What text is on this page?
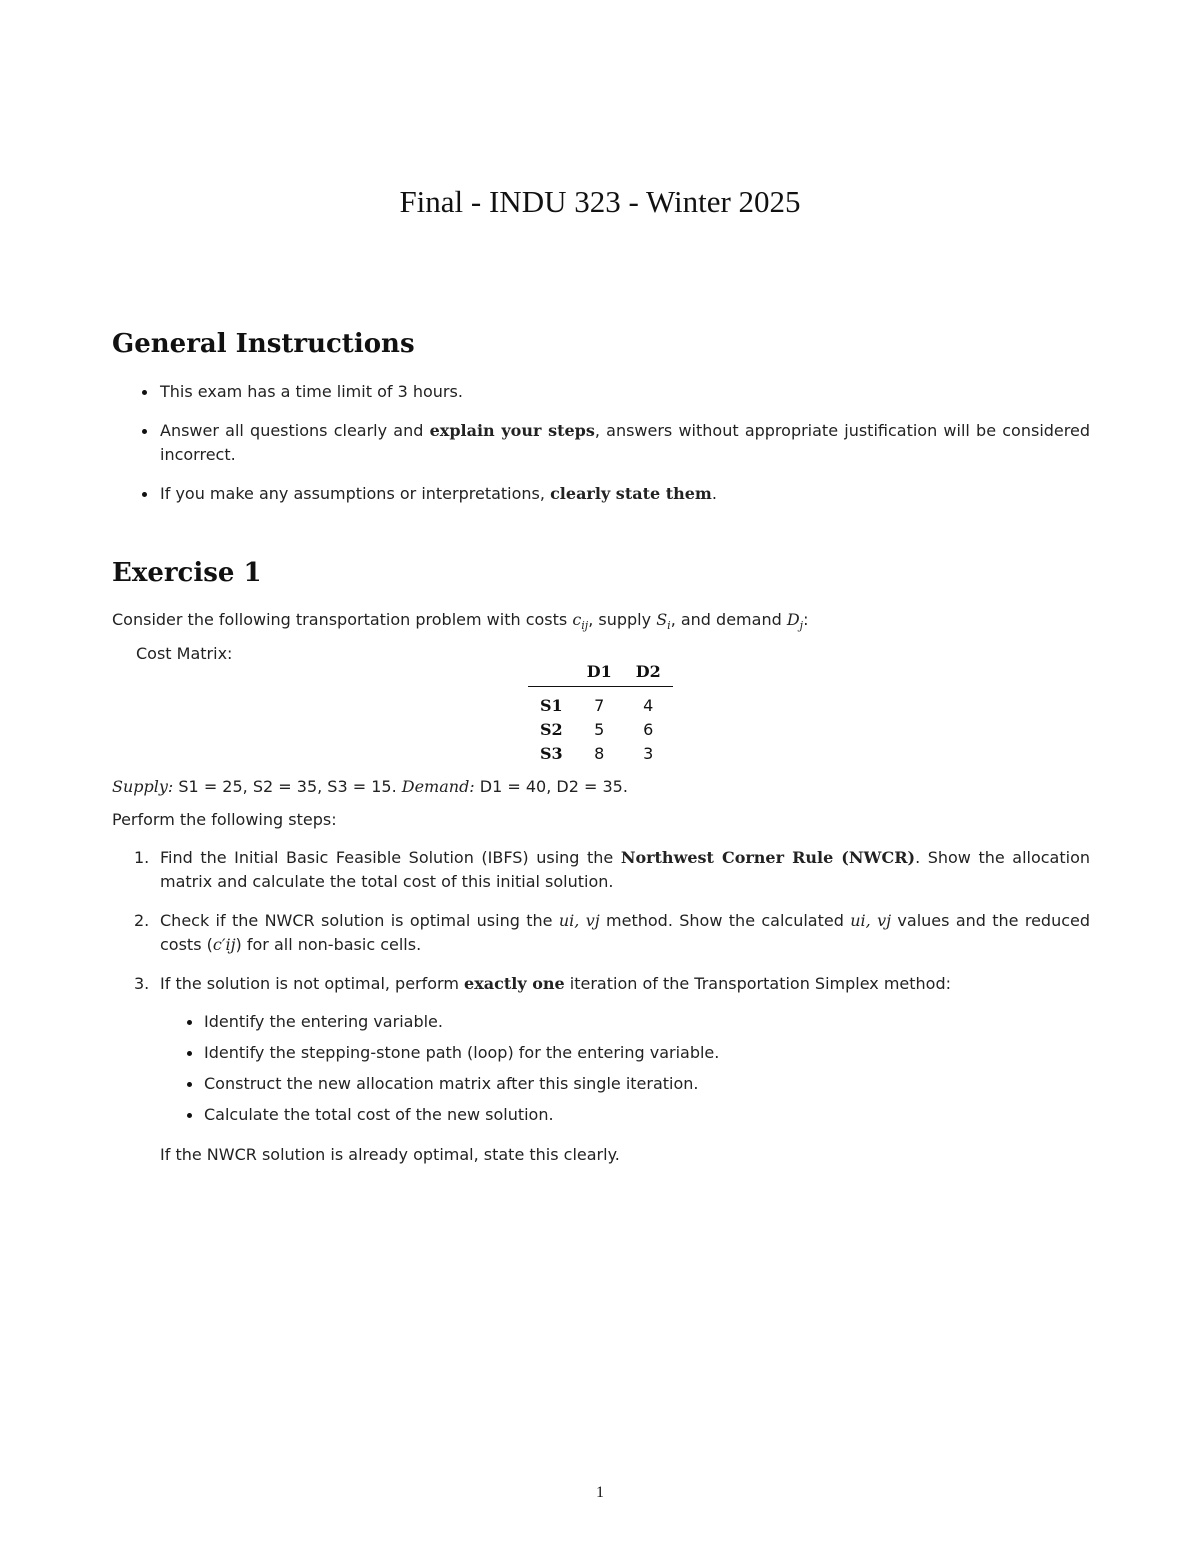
Final - INDU 323 - Winter 2025
General Instructions
This exam has a time limit of 3 hours.
Answer all questions clearly and explain your steps, answers without appropriate justification will be considered incorrect.
If you make any assumptions or interpretations, clearly state them.
Exercise 1
Consider the following transportation problem with costs $c_{ij}$, supply $S_i$, and demand $D_j$:
Cost Matrix:
	D1	D2
S1	7	4
S2	5	6
S3	8	3
Supply: S1 = 25, S2 = 35, S3 = 15. Demand: D1 = 40, D2 = 35.
Perform the following steps:
1. Find the Initial Basic Feasible Solution (IBFS) using the Northwest Corner Rule (NWCR). Show the allocation matrix and calculate the total cost of this initial solution.
2. Check if the NWCR solution is optimal using the ui, vj method. Show the calculated ui, vj values and the reduced costs (c′ij) for all non-basic cells.
3. If the solution is not optimal, perform exactly one iteration of the Transportation Simplex method:
Identify the entering variable.
Identify the stepping-stone path (loop) for the entering variable.
Construct the new allocation matrix after this single iteration.
Calculate the total cost of the new solution.
If the NWCR solution is already optimal, state this clearly.
1
